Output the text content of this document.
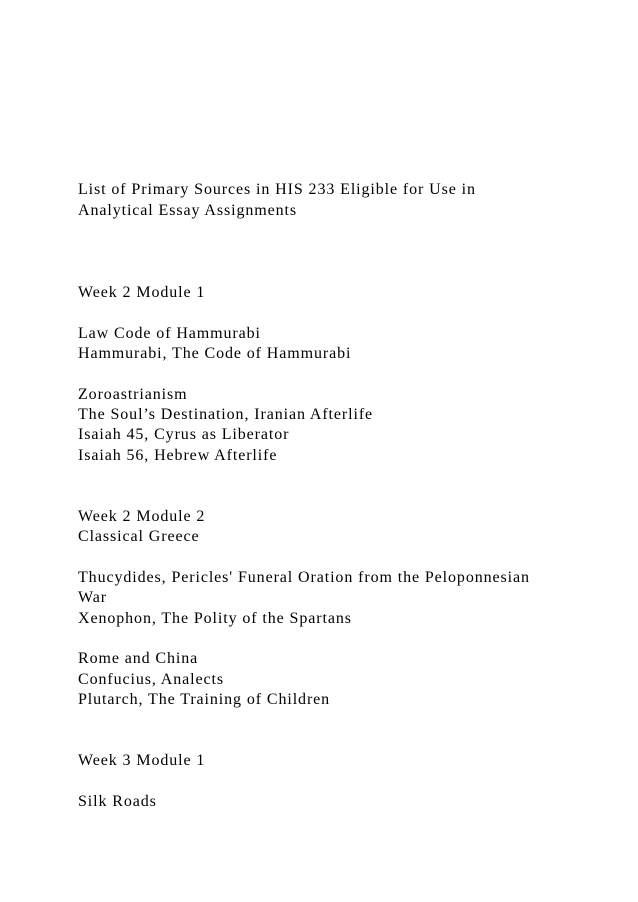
List of Primary Sources in HIS 233 Eligible for Use in

Analytical Essay Assignments

Week 2 Module 1

Law Code of Hammurabi

Hammurabi, The Code of Hammurabi

Zoroastrianism

The Soul’s Destination, Iranian Afterlife

Isaiah 45, Cyrus as Liberator

Isaiah 56, Hebrew Afterlife

Week 2 Module 2

Classical Greece

Thucydides, Pericles' Funeral Oration from the Peloponnesian

War

Xenophon, The Polity of the Spartans

Rome and China

Confucius, Analects

Plutarch, The Training of Children

Week 3 Module 1

Silk Roads
